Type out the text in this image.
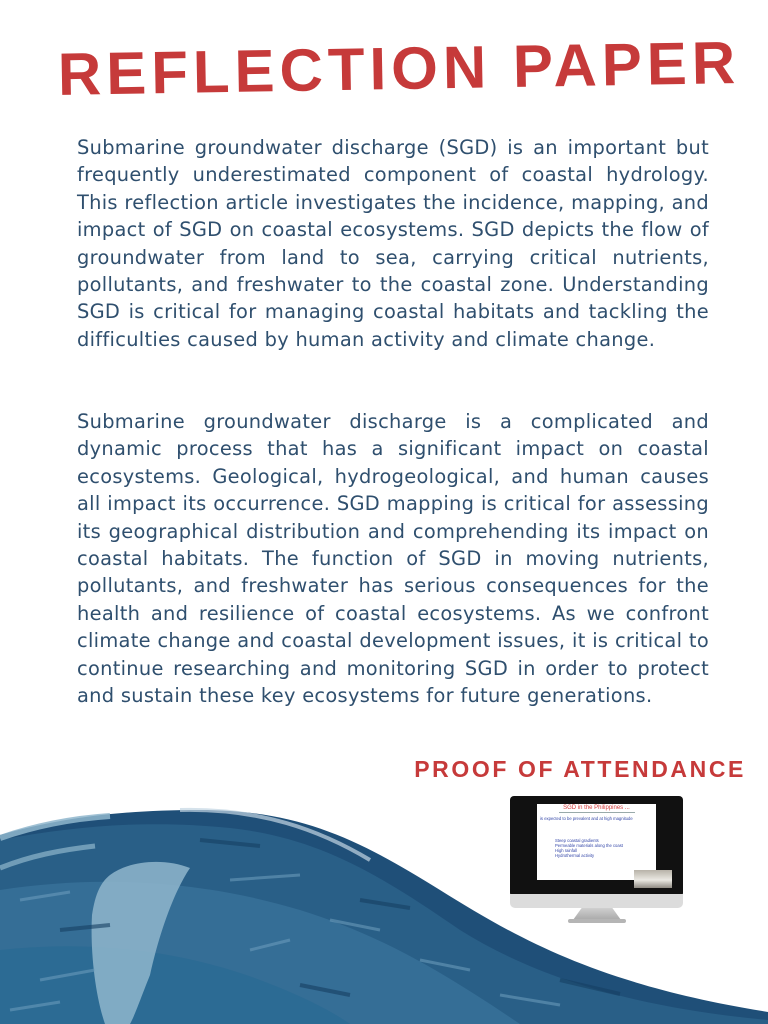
REFLECTION PAPER

Submarine groundwater discharge (SGD) is an important but frequently underestimated component of coastal hydrology. This reflection article investigates the incidence, mapping, and impact of SGD on coastal ecosystems. SGD depicts the flow of groundwater from land to sea, carrying critical nutrients, pollutants, and freshwater to the coastal zone. Understanding SGD is critical for managing coastal habitats and tackling the difficulties caused by human activity and climate change.

Submarine groundwater discharge is a complicated and dynamic process that has a significant impact on coastal ecosystems. Geological, hydrogeological, and human causes all impact its occurrence. SGD mapping is critical for assessing its geographical distribution and comprehending its impact on coastal habitats. The function of SGD in moving nutrients, pollutants, and freshwater has serious consequences for the health and resilience of coastal ecosystems. As we confront climate change and coastal development issues, it is critical to continue researching and monitoring SGD in order to protect and sustain these key ecosystems for future generations.

PROOF OF ATTENDANCE
SGD in the Philippines ...
is expected to be prevalent and at high magnitude
Steep coastal gradients
Permeable materials along the coast
High rainfall
Hydrothermal activity
